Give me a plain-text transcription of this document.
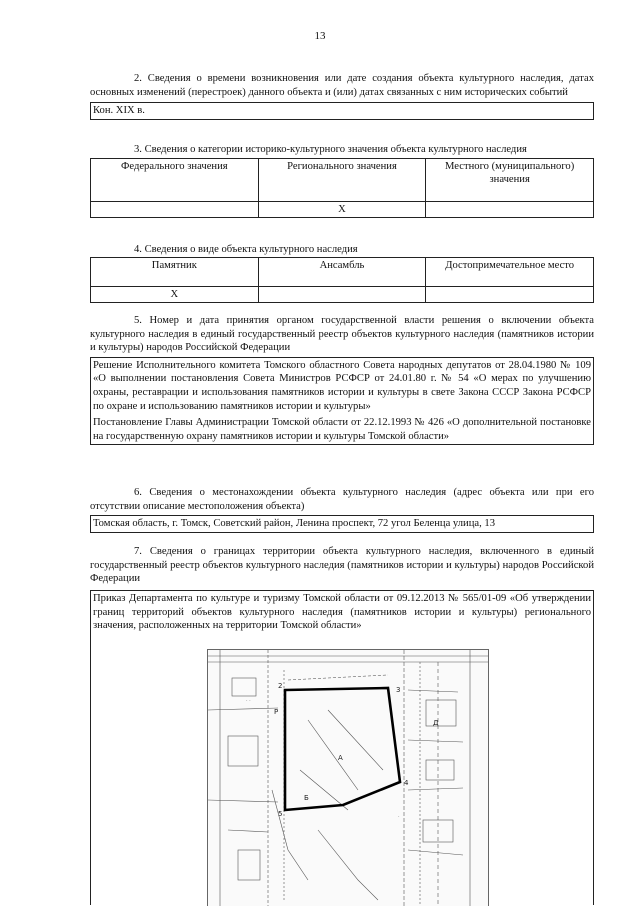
13

2. Сведения о времени возникновения или дате создания объекта культурного наследия, датах основных изменений (перестроек) данного объекта и (или) датах связанных с ним исторических событий

Кон. XIX в.

3. Сведения о категории историко-культурного значения объекта культурного наследия

Федерального значения	Регионального значения	Местного (муниципального) значения
	Х	

4. Сведения о виде объекта культурного наследия

Памятник	Ансамбль	Достопримечательное место
Х		

5. Номер и дата принятия органом государственной власти решения о включении объекта культурного наследия в единый государственный реестр объектов культурного наследия (памятников истории и культуры) народов Российской Федерации

Решение Исполнительного комитета Томского областного Совета народных депутатов от 28.04.1980 № 109 «О выполнении постановления Совета Министров РСФСР от 24.01.80 г. № 54 «О мерах по улучшению охраны, реставрации и использования памятников истории и культуры в свете Закона СССР Закона РСФСР по охране и использованию памятников истории и культуры»
Постановление Главы Администрации Томской области от 22.12.1993 № 426 «О дополнительной постановке на государственную охрану памятников истории и культуры Томской области»

6. Сведения о местонахождении объекта культурного наследия (адрес объекта или при его отсутствии описание местоположения объекта)

Томская область, г. Томск, Советский район, Ленина проспект, 72 угол Беленца улица, 13

7. Сведения о границах территории объекта культурного наследия, включенного в единый государственный реестр объектов культурного наследия (памятников истории и культуры) народов Российской Федерации

Приказ Департамента по культуре и туризму Томской области от 09.12.2013 № 565/01-09 «Об утверждении границ территорий объектов культурного наследия (памятников истории и культуры) регионального значения, расположенных на территории Томской области»
· ·
·
2	3
4
5
А
Б
Д
Р
